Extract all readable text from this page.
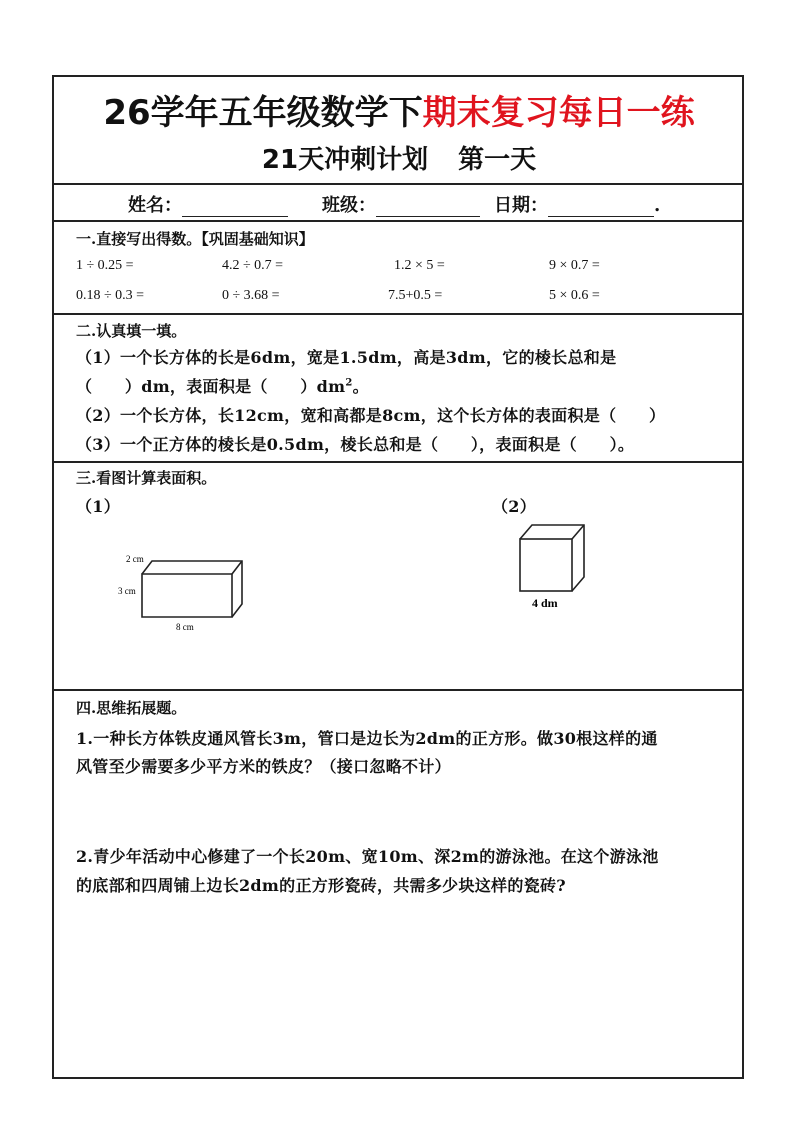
26学年五年级数学下期末复习每日一练
21天冲刺计划 第一天
姓名：	班级：	日期：	.
一.直接写出得数。【巩固基础知识】
1 ÷ 0.25 =	4.2 ÷ 0.7 =	1.2 × 5 =	9 × 0.7 =
0.18 ÷ 0.3 =	0 ÷ 3.68 =	7.5+0.5 =	5 × 0.6 =
二.认真填一填。
（1）一个长方体的长是6dm，宽是1.5dm，高是3dm，它的棱长总和是
（　　）dm，表面积是（　　）$dm^2$。
（2）一个长方体，长12cm，宽和高都是8cm，这个长方体的表面积是（　　）
（3）一个正方体的棱长是0.5dm，棱长总和是（　　），表面积是（　　）。
三.看图计算表面积。
（1）	（2）
2 cm
3 cm
8 cm
4 dm
四.思维拓展题。
1.一种长方体铁皮通风管长3m，管口是边长为2dm的正方形。做30根这样的通
风管至少需要多少平方米的铁皮？（接口忽略不计）
2.青少年活动中心修建了一个长20m、宽10m、深2m的游泳池。在这个游泳池
的底部和四周铺上边长2dm的正方形瓷砖，共需多少块这样的瓷砖?
